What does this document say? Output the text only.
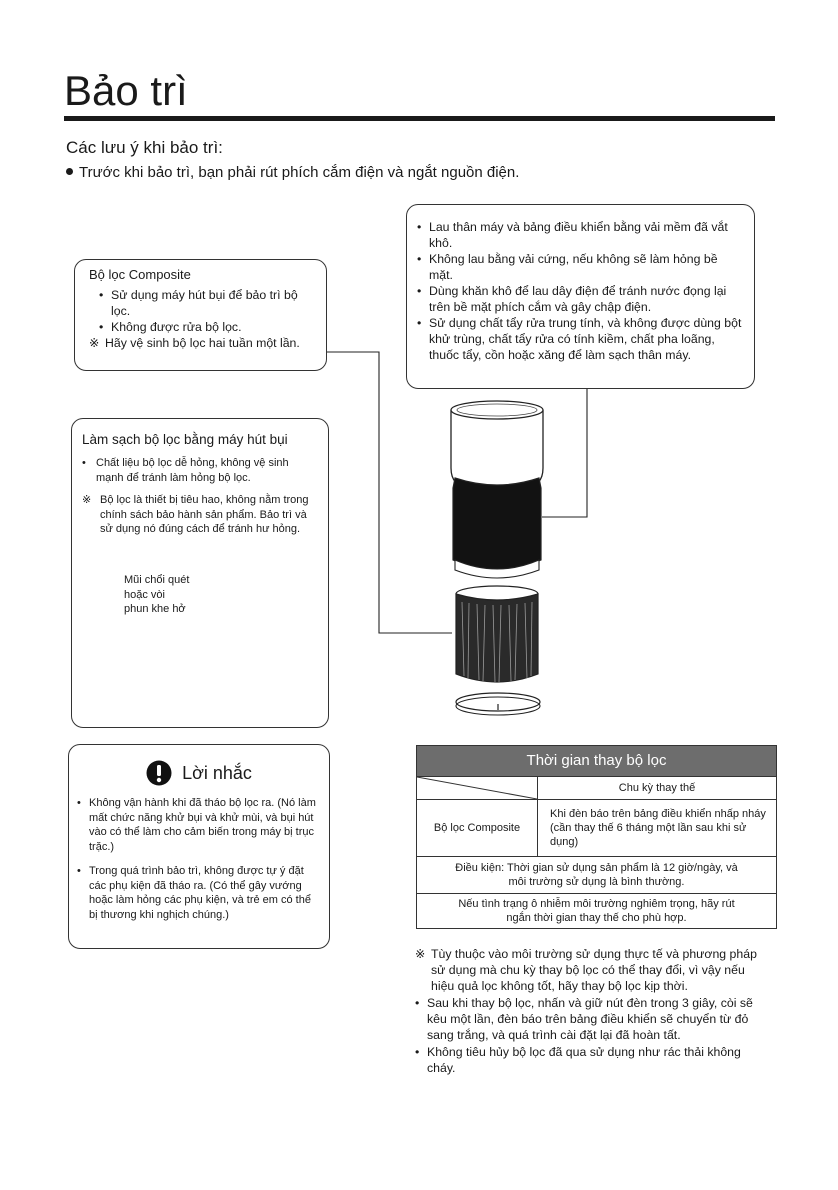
Bảo trì
Các lưu ý khi bảo trì:
Trước khi bảo trì, bạn phải rút phích cắm điện và ngắt nguồn điện.
• Lau thân máy và bảng điều khiển bằng vải mềm đã vắt khô.
• Không lau bằng vải cứng, nếu không sẽ làm hỏng bề mặt.
• Dùng khăn khô để lau dây điện để tránh nước đọng lại trên bề mặt phích cắm và gây chập điện.
• Sử dụng chất tẩy rửa trung tính, và không được dùng bột khử trùng, chất tẩy rửa có tính kiềm, chất pha loãng, thuốc tẩy, cồn hoặc xăng để làm sạch thân máy.
Bộ lọc Composite
• Sử dụng máy hút bụi để bảo trì bộ lọc.
• Không được rửa bộ lọc.
※ Hãy vệ sinh bộ lọc hai tuần một lần.
Làm sạch bộ lọc bằng máy hút bụi
• Chất liệu bộ lọc dễ hỏng, không vệ sinh mạnh để tránh làm hỏng bộ lọc.
※ Bộ lọc là thiết bị tiêu hao, không nằm trong chính sách bảo hành sản phẩm. Bảo trì và sử dụng nó đúng cách để tránh hư hỏng.
Mũi chổi quét
hoặc vòi
phun khe hở
Lời nhắc
• Không vận hành khi đã tháo bộ lọc ra. (Nó làm mất chức năng khử bụi và khử mùi, và bụi hút vào có thể làm cho cảm biến trong máy bị trục trặc.)
• Trong quá trình bảo trì, không được tự ý đặt các phụ kiện đã tháo ra. (Có thể gây vướng hoặc làm hỏng các phụ kiện, và trẻ em có thể bị thương khi nghịch chúng.)
Thời gian thay bộ lọc	

	Chu kỳ thay thế
Bộ lọc Composite	Khi đèn báo trên bảng điều khiển nhấp nháy (cần thay thế 6 tháng một lần sau khi sử dụng)
Điều kiện: Thời gian sử dụng sản phẩm là 12 giờ/ngày, và môi trường sử dụng là bình thường.	
Nếu tình trạng ô nhiễm môi trường nghiêm trọng, hãy rút ngắn thời gian thay thế cho phù hợp.	
※ Tùy thuộc vào môi trường sử dụng thực tế và phương pháp sử dụng mà chu kỳ thay bộ lọc có thể thay đổi, vì vậy nếu hiệu quả lọc không tốt, hãy thay bộ lọc kịp thời.
• Sau khi thay bộ lọc, nhấn và giữ nút đèn trong 3 giây, còi sẽ kêu một lần, đèn báo trên bảng điều khiển sẽ chuyển từ đỏ sang trắng, và quá trình cài đặt lại đã hoàn tất.
• Không tiêu hủy bộ lọc đã qua sử dụng như rác thải không cháy.
